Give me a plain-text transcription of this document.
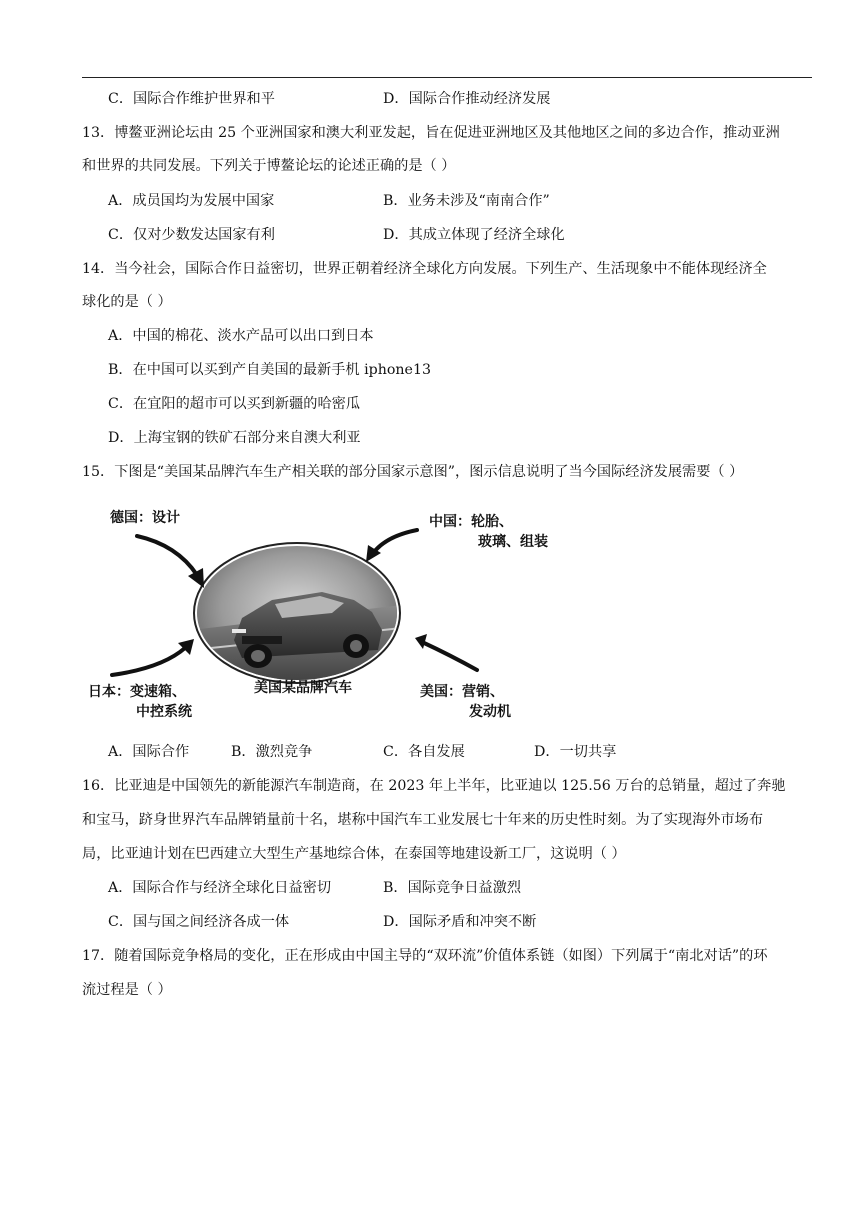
C．国际合作维护世界和平	D．国际合作推动经济发展
13．博鳌亚洲论坛由 25 个亚洲国家和澳大利亚发起，旨在促进亚洲地区及其他地区之间的多边合作，推动亚洲
和世界的共同发展。下列关于博鳌论坛的论述正确的是（ ）
A．成员国均为发展中国家	B．业务未涉及“南南合作”
C．仅对少数发达国家有利	D．其成立体现了经济全球化
14．当今社会，国际合作日益密切，世界正朝着经济全球化方向发展。下列生产、生活现象中不能体现经济全
球化的是（ ）
A．中国的棉花、淡水产品可以出口到日本
B．在中国可以买到产自美国的最新手机 iphone13
C．在宜阳的超市可以买到新疆的哈密瓜
D．上海宝钢的铁矿石部分来自澳大利亚
15．下图是“美国某品牌汽车生产相关联的部分国家示意图”，图示信息说明了当今国际经济发展需要（ ）
德国：设计	中国：轮胎、
玻璃、组装
日本：变速箱、
中控系统
美国：营销、
发动机
美国某品牌汽车
A．国际合作	B．激烈竞争	C．各自发展	D．一切共享
16．比亚迪是中国领先的新能源汽车制造商，在 2023 年上半年，比亚迪以 125.56 万台的总销量，超过了奔驰
和宝马，跻身世界汽车品牌销量前十名，堪称中国汽车工业发展七十年来的历史性时刻。为了实现海外市场布
局，比亚迪计划在巴西建立大型生产基地综合体，在泰国等地建设新工厂，这说明（ ）
A．国际合作与经济全球化日益密切	B．国际竞争日益激烈
C．国与国之间经济各成一体	D．国际矛盾和冲突不断
17．随着国际竞争格局的变化，正在形成由中国主导的“双环流”价值体系链（如图）下列属于“南北对话”的环
流过程是（ ）
